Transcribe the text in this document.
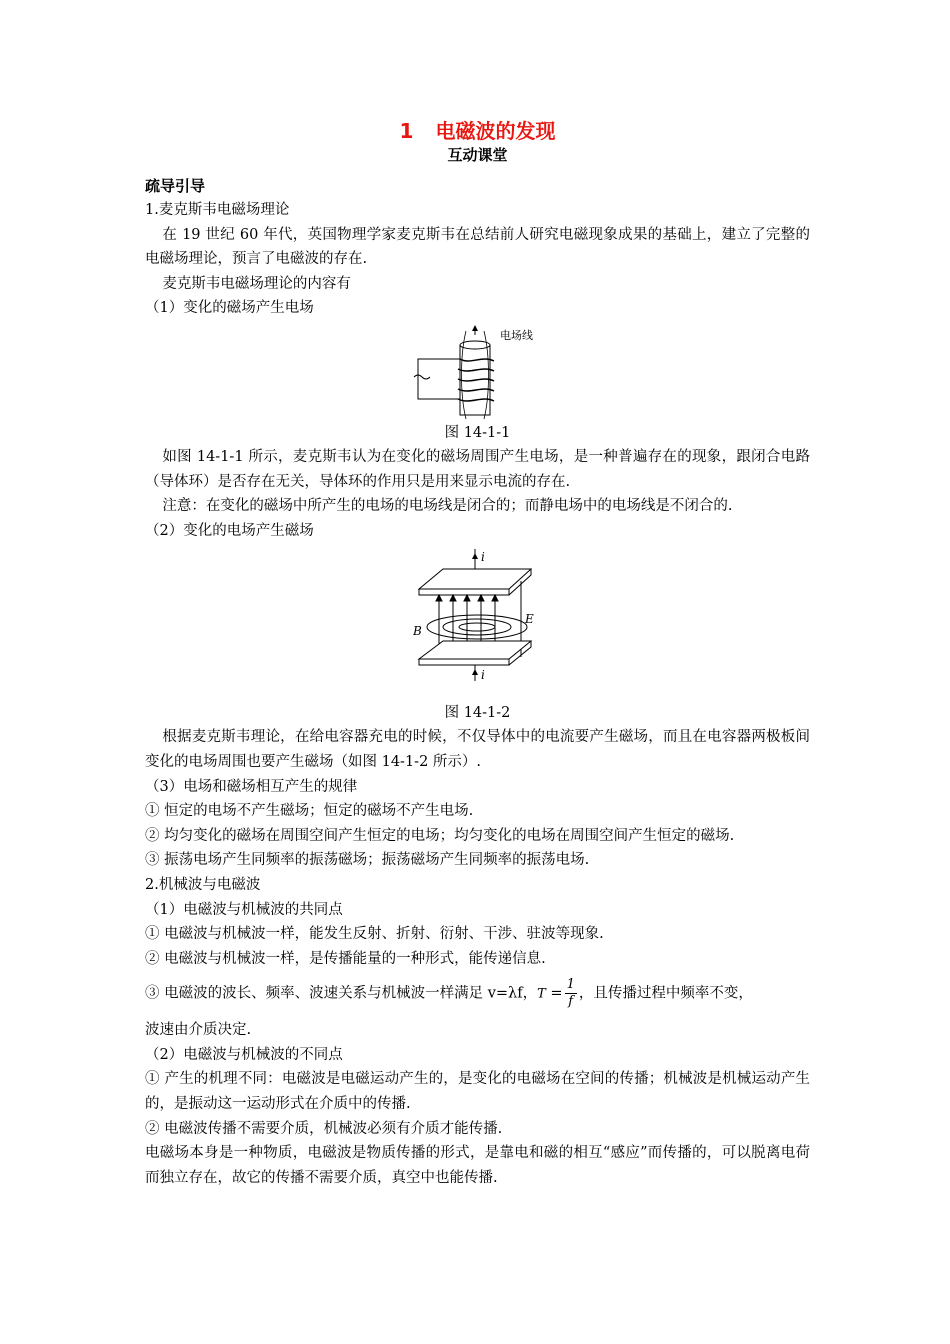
1 电磁波的发现
互动课堂
疏导引导

1.麦克斯韦电磁场理论

在 19 世纪 60 年代，英国物理学家麦克斯韦在总结前人研究电磁现象成果的基础上，建立了完整的电磁场理论，预言了电磁波的存在.

麦克斯韦电磁场理论的内容有

（1）变化的磁场产生电场

电场线
图 14-1-1

如图 14-1-1 所示，麦克斯韦认为在变化的磁场周围产生电场，是一种普遍存在的现象，跟闭合电路（导体环）是否存在无关，导体环的作用只是用来显示电流的存在.

注意：在变化的磁场中所产生的电场的电场线是闭合的；而静电场中的电场线是不闭合的.

（2）变化的电场产生磁场

i
B
E
i
图 14-1-2

根据麦克斯韦理论，在给电容器充电的时候，不仅导体中的电流要产生磁场，而且在电容器两极板间变化的电场周围也要产生磁场（如图 14-1-2 所示）.

（3）电场和磁场相互产生的规律

① 恒定的电场不产生磁场；恒定的磁场不产生电场.

② 均匀变化的磁场在周围空间产生恒定的电场；均匀变化的电场在周围空间产生恒定的磁场.

③ 振荡电场产生同频率的振荡磁场；振荡磁场产生同频率的振荡电场.

2.机械波与电磁波

（1）电磁波与机械波的共同点

① 电磁波与机械波一样，能发生反射、折射、衍射、干涉、驻波等现象.

② 电磁波与机械波一样，是传播能量的一种形式，能传递信息.

③ 电磁波的波长、频率、波速关系与机械波一样满足 v=λf，$T = \frac{1}{f}$ ，且传播过程中频率不变，

波速由介质决定.

（2）电磁波与机械波的不同点

① 产生的机理不同：电磁波是电磁运动产生的，是变化的电磁场在空间的传播；机械波是机械运动产生的，是振动这一运动形式在介质中的传播.

② 电磁波传播不需要介质，机械波必须有介质才能传播.

电磁场本身是一种物质，电磁波是物质传播的形式，是靠电和磁的相互“感应”而传播的，可以脱离电荷而独立存在，故它的传播不需要介质，真空中也能传播.
